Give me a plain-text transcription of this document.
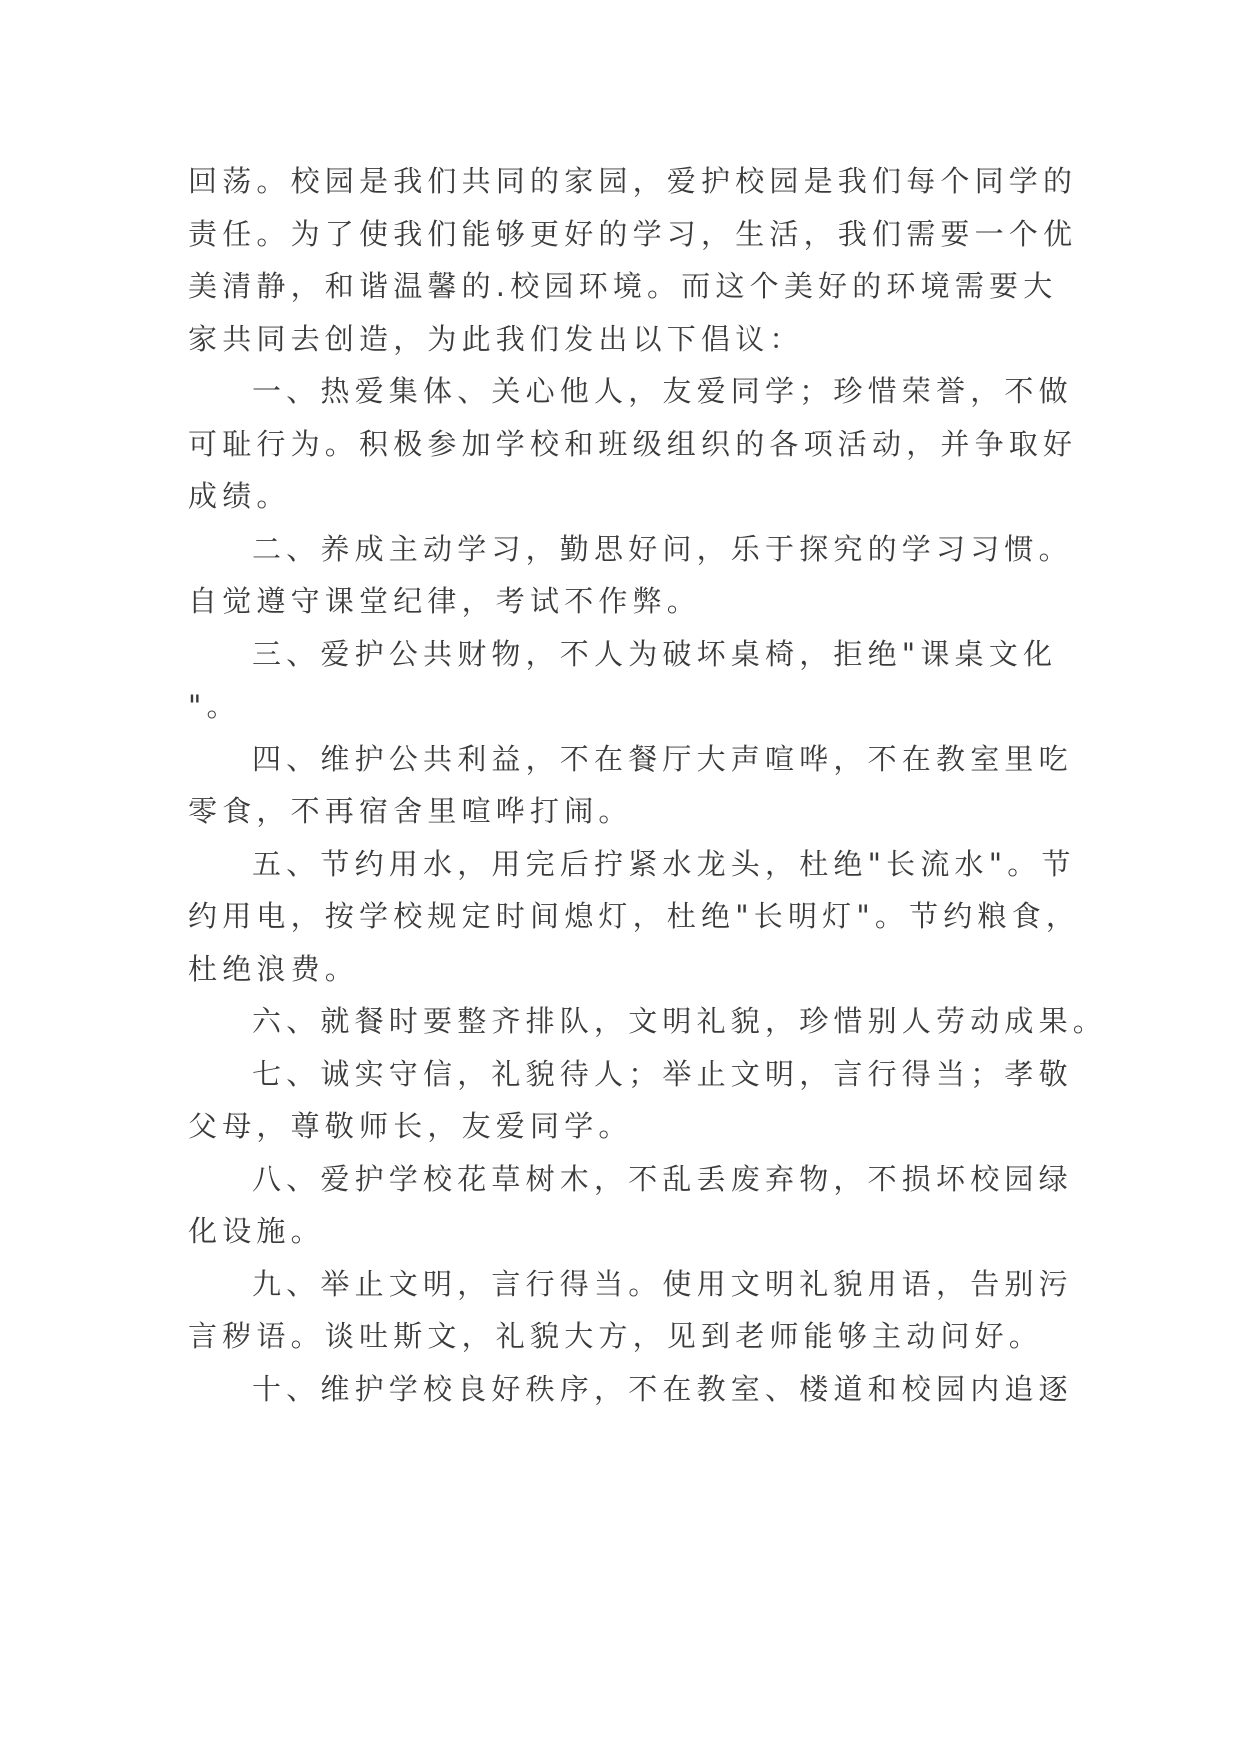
回荡。校园是我们共同的家园，爱护校园是我们每个同学的
责任。为了使我们能够更好的学习，生活，我们需要一个优
美清静，和谐温馨的.校园环境。而这个美好的环境需要大
家共同去创造，为此我们发出以下倡议：
一、热爱集体、关心他人，友爱同学；珍惜荣誉，不做
可耻行为。积极参加学校和班级组织的各项活动，并争取好
成绩。
二、养成主动学习，勤思好问，乐于探究的学习习惯。
自觉遵守课堂纪律，考试不作弊。
三、爱护公共财物，不人为破坏桌椅，拒绝"课桌文化
"。
四、维护公共利益，不在餐厅大声喧哗，不在教室里吃
零食，不再宿舍里喧哗打闹。
五、节约用水，用完后拧紧水龙头，杜绝"长流水"。节
约用电，按学校规定时间熄灯，杜绝"长明灯"。节约粮食，
杜绝浪费。
六、就餐时要整齐排队，文明礼貌，珍惜别人劳动成果。
七、诚实守信，礼貌待人；举止文明，言行得当；孝敬
父母，尊敬师长，友爱同学。
八、爱护学校花草树木，不乱丢废弃物，不损坏校园绿
化设施。
九、举止文明，言行得当。使用文明礼貌用语，告别污
言秽语。谈吐斯文，礼貌大方，见到老师能够主动问好。
十、维护学校良好秩序，不在教室、楼道和校园内追逐
